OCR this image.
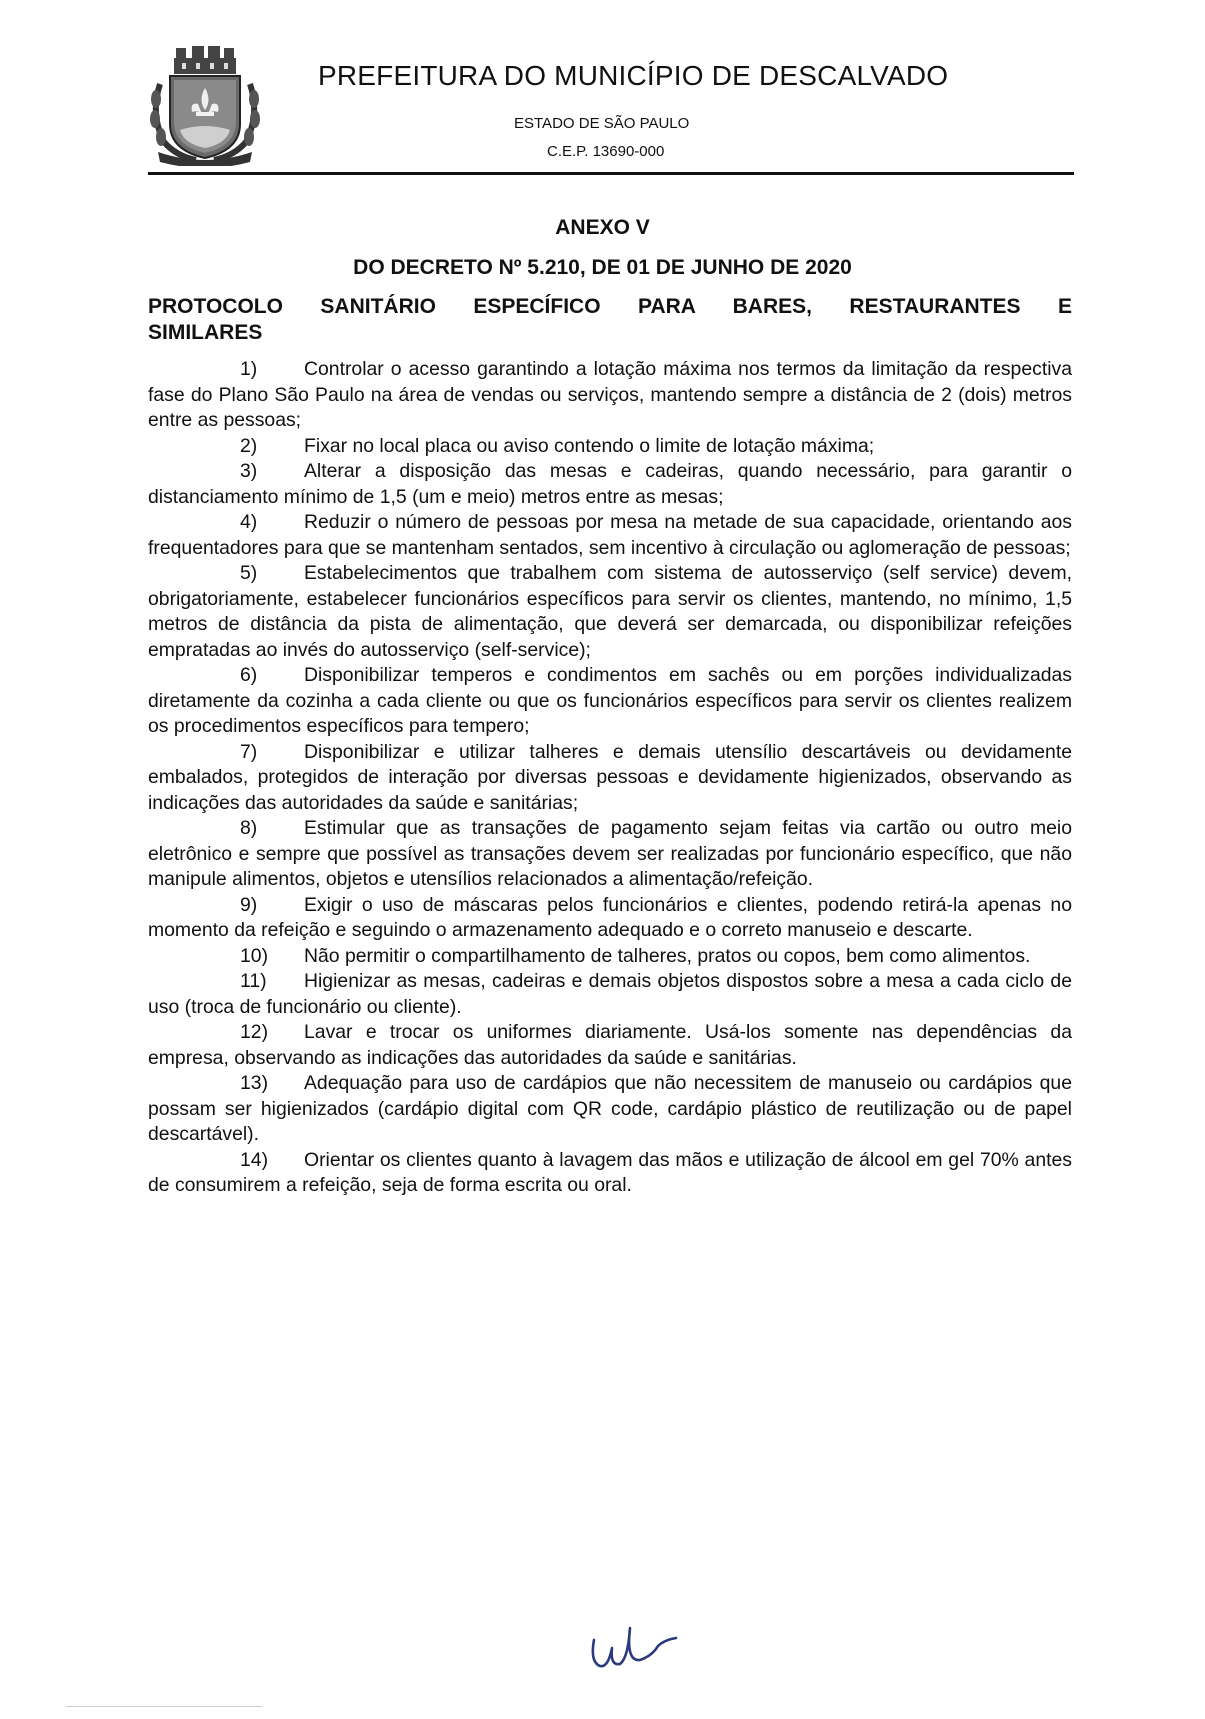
PREFEITURA DO MUNICÍPIO DE DESCALVADO
ESTADO DE SÃO PAULO
C.E.P. 13690-000
ANEXO V
DO DECRETO Nº 5.210, DE 01 DE JUNHO DE 2020
PROTOCOLO SANITÁRIO ESPECÍFICO PARA BARES, RESTAURANTES E SIMILARES

1) Controlar o acesso garantindo a lotação máxima nos termos da limitação da respectiva fase do Plano São Paulo na área de vendas ou serviços, mantendo sempre a distância de 2 (dois) metros entre as pessoas;

2) Fixar no local placa ou aviso contendo o limite de lotação máxima;

3) Alterar a disposição das mesas e cadeiras, quando necessário, para garantir o distanciamento mínimo de 1,5 (um e meio) metros entre as mesas;

4) Reduzir o número de pessoas por mesa na metade de sua capacidade, orientando aos frequentadores para que se mantenham sentados, sem incentivo à circulação ou aglomeração de pessoas;

5) Estabelecimentos que trabalhem com sistema de autosserviço (self service) devem, obrigatoriamente, estabelecer funcionários específicos para servir os clientes, mantendo, no mínimo, 1,5 metros de distância da pista de alimentação, que deverá ser demarcada, ou disponibilizar refeições empratadas ao invés do autosserviço (self-service);

6) Disponibilizar temperos e condimentos em sachês ou em porções individualizadas diretamente da cozinha a cada cliente ou que os funcionários específicos para servir os clientes realizem os procedimentos específicos para tempero;

7) Disponibilizar e utilizar talheres e demais utensílio descartáveis ou devidamente embalados, protegidos de interação por diversas pessoas e devidamente higienizados, observando as indicações das autoridades da saúde e sanitárias;

8) Estimular que as transações de pagamento sejam feitas via cartão ou outro meio eletrônico e sempre que possível as transações devem ser realizadas por funcionário específico, que não manipule alimentos, objetos e utensílios relacionados a alimentação/refeição.

9) Exigir o uso de máscaras pelos funcionários e clientes, podendo retirá-la apenas no momento da refeição e seguindo o armazenamento adequado e o correto manuseio e descarte.

10) Não permitir o compartilhamento de talheres, pratos ou copos, bem como alimentos.

11) Higienizar as mesas, cadeiras e demais objetos dispostos sobre a mesa a cada ciclo de uso (troca de funcionário ou cliente).

12) Lavar e trocar os uniformes diariamente. Usá-los somente nas dependências da empresa, observando as indicações das autoridades da saúde e sanitárias.

13) Adequação para uso de cardápios que não necessitem de manuseio ou cardápios que possam ser higienizados (cardápio digital com QR code, cardápio plástico de reutilização ou de papel descartável).

14) Orientar os clientes quanto à lavagem das mãos e utilização de álcool em gel 70% antes de consumirem a refeição, seja de forma escrita ou oral.
